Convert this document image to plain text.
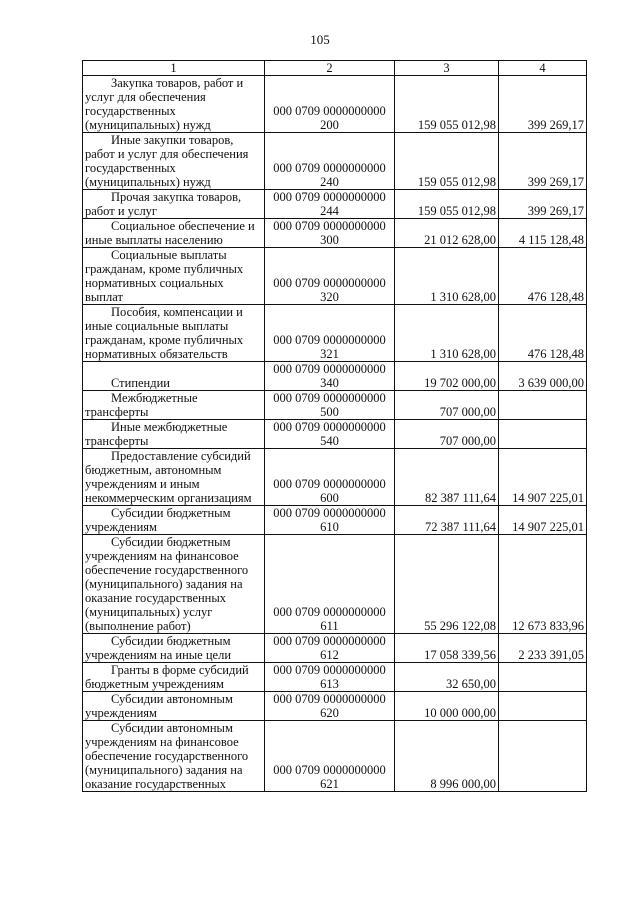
105
1	2	3	4
Закупка товаров, работ и услуг для обеспечения государственных (муниципальных) нужд	000 0709 0000000000 200	159 055 012,98	399 269,17
Иные закупки товаров, работ и услуг для обеспечения государственных (муниципальных) нужд	000 0709 0000000000 240	159 055 012,98	399 269,17
Прочая закупка товаров, работ и услуг	000 0709 0000000000 244	159 055 012,98	399 269,17
Социальное обеспечение и иные выплаты населению	000 0709 0000000000 300	21 012 628,00	4 115 128,48
Социальные выплаты гражданам, кроме публичных нормативных социальных выплат	000 0709 0000000000 320	1 310 628,00	476 128,48
Пособия, компенсации и иные социальные выплаты гражданам, кроме публичных нормативных обязательств	000 0709 0000000000 321	1 310 628,00	476 128,48
Стипендии	000 0709 0000000000 340	19 702 000,00	3 639 000,00
Межбюджетные трансферты	000 0709 0000000000 500	707 000,00	
Иные межбюджетные трансферты	000 0709 0000000000 540	707 000,00	
Предоставление субсидий бюджетным, автономным учреждениям и иным некоммерческим организациям	000 0709 0000000000 600	82 387 111,64	14 907 225,01
Субсидии бюджетным учреждениям	000 0709 0000000000 610	72 387 111,64	14 907 225,01
Субсидии бюджетным учреждениям на финансовое обеспечение государственного (муниципального) задания на оказание государственных (муниципальных) услуг (выполнение работ)	000 0709 0000000000 611	55 296 122,08	12 673 833,96
Субсидии бюджетным учреждениям на иные цели	000 0709 0000000000 612	17 058 339,56	2 233 391,05
Гранты в форме субсидий бюджетным учреждениям	000 0709 0000000000 613	32 650,00	
Субсидии автономным учреждениям	000 0709 0000000000 620	10 000 000,00	
Субсидии автономным учреждениям на финансовое обеспечение государственного (муниципального) задания на оказание государственных	000 0709 0000000000 621	8 996 000,00	
